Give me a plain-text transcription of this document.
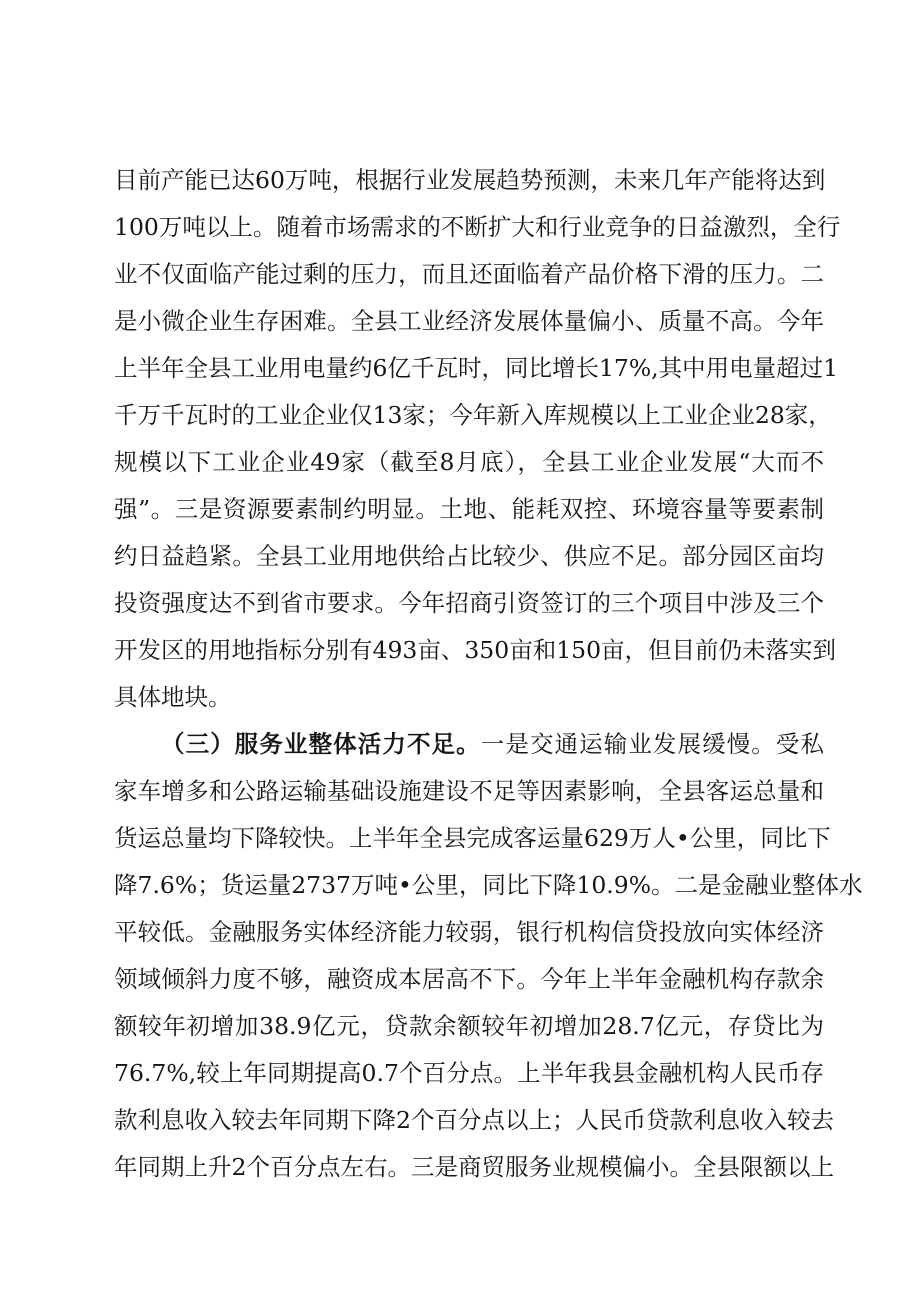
目前产能已达60万吨，根据行业发展趋势预测，未来几年产能将达到
100万吨以上。随着市场需求的不断扩大和行业竞争的日益激烈，全行
业不仅面临产能过剩的压力，而且还面临着产品价格下滑的压力。二
是小微企业生存困难。全县工业经济发展体量偏小、质量不高。今年
上半年全县工业用电量约6亿千瓦时，同比增长17%,其中用电量超过1
千万千瓦时的工业企业仅13家；今年新入库规模以上工业企业28家，
规模以下工业企业49家（截至8月底），全县工业企业发展“大而不
强”。三是资源要素制约明显。土地、能耗双控、环境容量等要素制
约日益趋紧。全县工业用地供给占比较少、供应不足。部分园区亩均
投资强度达不到省市要求。今年招商引资签订的三个项目中涉及三个
开发区的用地指标分别有493亩、350亩和150亩，但目前仍未落实到
具体地块。
（三）服务业整体活力不足。一是交通运输业发展缓慢。受私
家车增多和公路运输基础设施建设不足等因素影响，全县客运总量和
货运总量均下降较快。上半年全县完成客运量629万人•公里，同比下
降7.6%；货运量2737万吨•公里，同比下降10.9%。二是金融业整体水
平较低。金融服务实体经济能力较弱，银行机构信贷投放向实体经济
领域倾斜力度不够，融资成本居高不下。今年上半年金融机构存款余
额较年初增加38.9亿元，贷款余额较年初增加28.7亿元，存贷比为
76.7%,较上年同期提高0.7个百分点。上半年我县金融机构人民币存
款利息收入较去年同期下降2个百分点以上；人民币贷款利息收入较去
年同期上升2个百分点左右。三是商贸服务业规模偏小。全县限额以上
